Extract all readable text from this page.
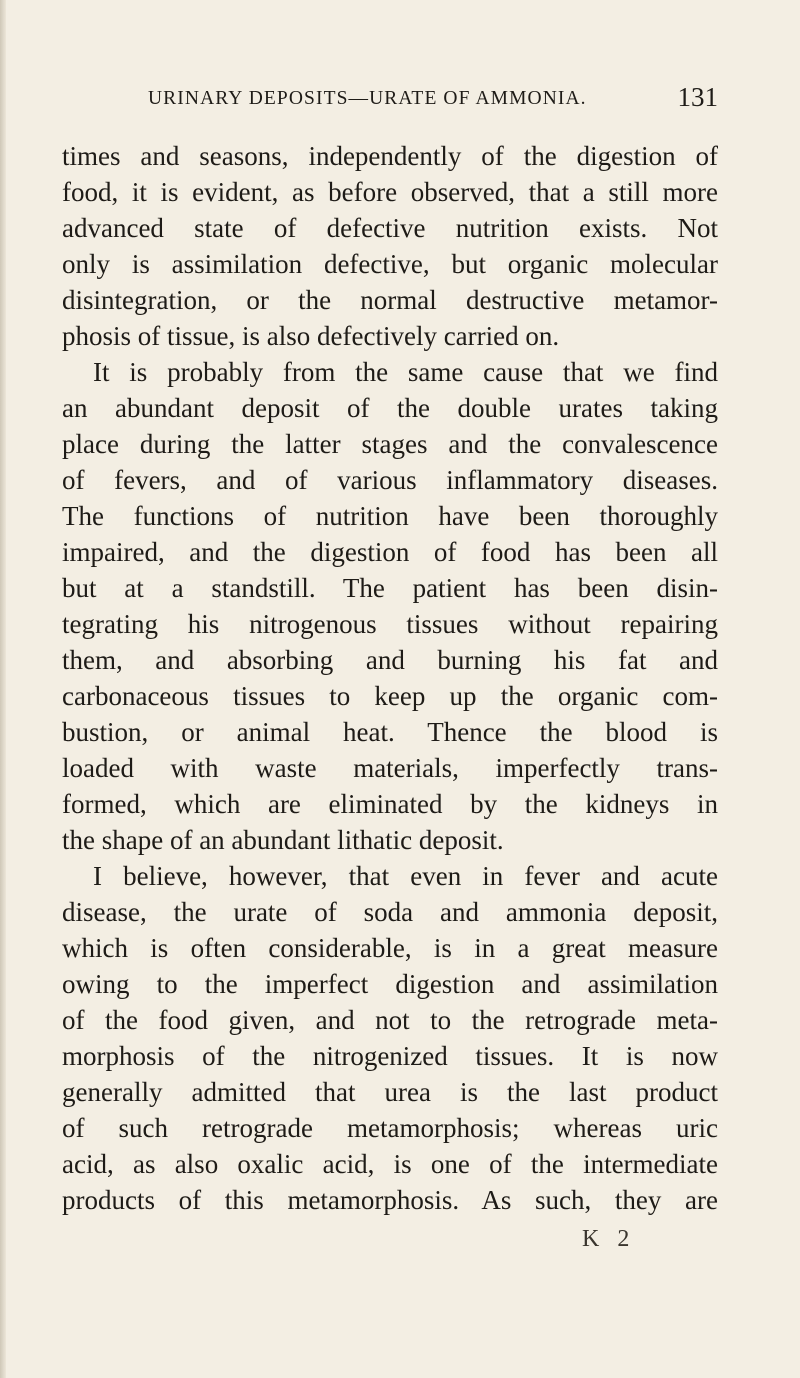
URINARY DEPOSITS—URATE OF AMMONIA.	131
times and seasons, independently of the digestion of
food, it is evident, as before observed, that a still more
advanced state of defective nutrition exists. Not
only is assimilation defective, but organic molecular
disintegration, or the normal destructive metamor-
phosis of tissue, is also defectively carried on.
It is probably from the same cause that we find
an abundant deposit of the double urates taking
place during the latter stages and the convalescence
of fevers, and of various inflammatory diseases.
The functions of nutrition have been thoroughly
impaired, and the digestion of food has been all
but at a standstill. The patient has been disin-
tegrating his nitrogenous tissues without repairing
them, and absorbing and burning his fat and
carbonaceous tissues to keep up the organic com-
bustion, or animal heat. Thence the blood is
loaded with waste materials, imperfectly trans-
formed, which are eliminated by the kidneys in
the shape of an abundant lithatic deposit.
I believe, however, that even in fever and acute
disease, the urate of soda and ammonia deposit,
which is often considerable, is in a great measure
owing to the imperfect digestion and assimilation
of the food given, and not to the retrograde meta-
morphosis of the nitrogenized tissues. It is now
generally admitted that urea is the last product
of such retrograde metamorphosis; whereas uric
acid, as also oxalic acid, is one of the intermediate
products of this metamorphosis. As such, they are
K 2
